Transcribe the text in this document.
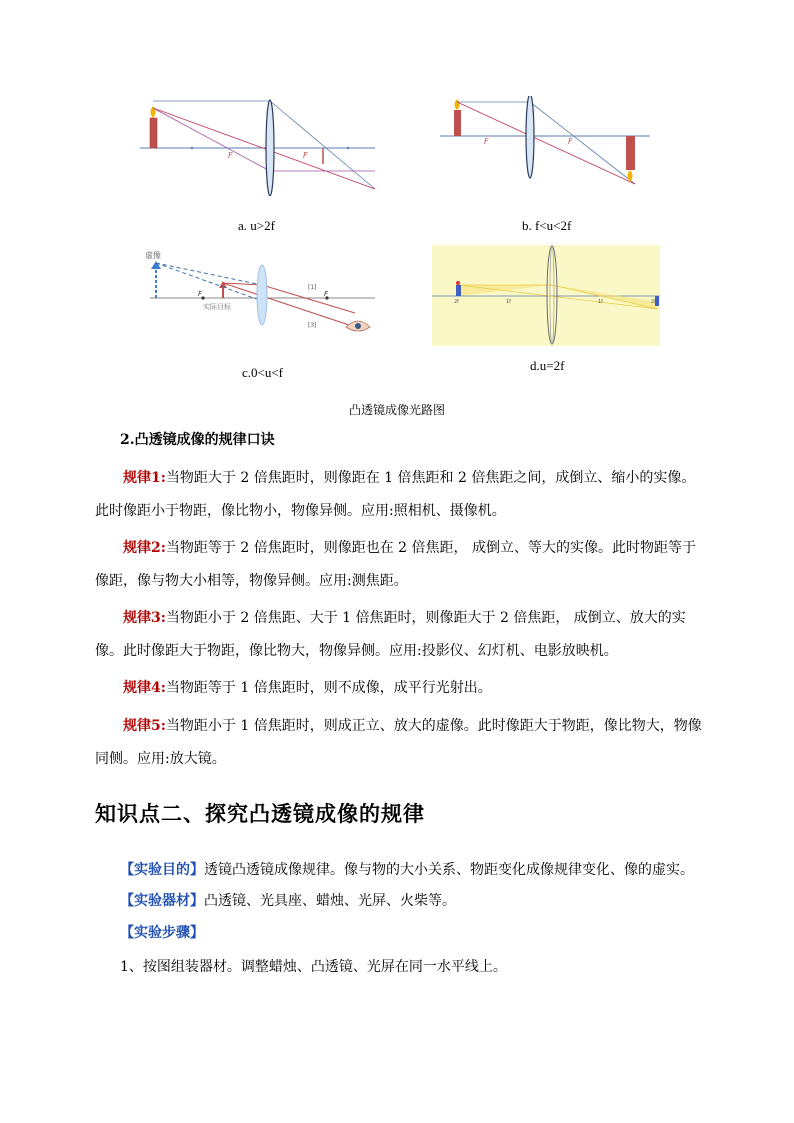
F	F
a. u>2f
F	F
b. f<u<2f
虚像
实际目标
F	F
[1]
[3]
c.0<u<f
2f	1f	1f	2f
d.u=2f
凸透镜成像光路图
2.凸透镜成像的规律口诀
规律1:当物距大于 2 倍焦距时，则像距在 1 倍焦距和 2 倍焦距之间，成倒立、缩小的实像。此时像距小于物距，像比物小，物像异侧。应用:照相机、摄像机。
规律2:当物距等于 2 倍焦距时，则像距也在 2 倍焦距， 成倒立、等大的实像。此时物距等于像距，像与物大小相等，物像异侧。应用:测焦距。
规律3:当物距小于 2 倍焦距、大于 1 倍焦距时，则像距大于 2 倍焦距， 成倒立、放大的实像。此时像距大于物距，像比物大，物像异侧。应用:投影仪、幻灯机、电影放映机。
规律4:当物距等于 1 倍焦距时，则不成像，成平行光射出。
规律5:当物距小于 1 倍焦距时，则成正立、放大的虚像。此时像距大于物距，像比物大，物像同侧。应用:放大镜。
知识点二、探究凸透镜成像的规律
【实验目的】透镜凸透镜成像规律。像与物的大小关系、物距变化成像规律变化、像的虚实。
【实验器材】凸透镜、光具座、蜡烛、光屏、火柴等。
【实验步骤】
1、按图组装器材。调整蜡烛、凸透镜、光屏在同一水平线上。
